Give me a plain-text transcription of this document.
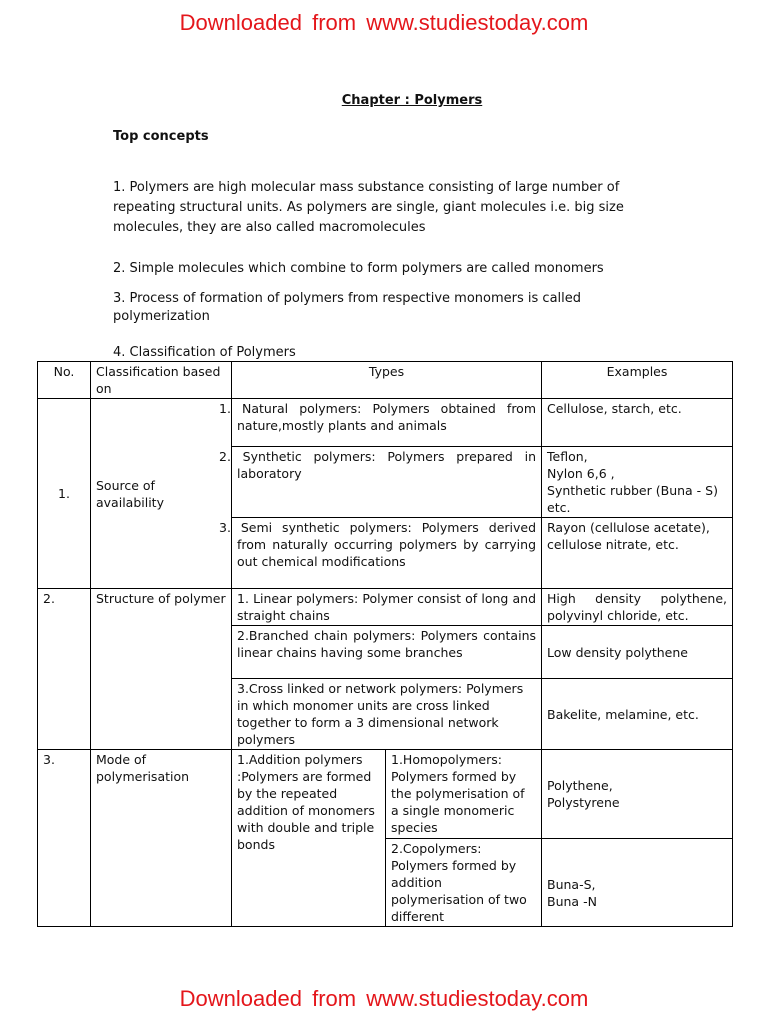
Downloaded from www.studiestoday.com
Chapter : Polymers
Top concepts
1. Polymers are high molecular mass substance consisting of large number of repeating structural units. As polymers are single, giant molecules i.e. big size molecules, they are also called macromolecules
2. Simple molecules which combine to form polymers are called monomers
3. Process of formation of polymers from respective monomers is called polymerization
4. Classification of Polymers
No.	Classification based on	Types		Examples
1.	Source of availability	1. Natural polymers: Polymers obtained from nature,mostly plants and animals		Cellulose, starch, etc.
		2. Synthetic polymers: Polymers prepared in laboratory		Teflon,
Nylon 6,6 ,
Synthetic rubber (Buna - S) etc.
		3. Semi synthetic polymers: Polymers derived from naturally occurring polymers by carrying out chemical modifications		Rayon (cellulose acetate),
cellulose nitrate, etc.
2.	Structure of polymer	1. Linear polymers: Polymer consist of long and straight chains		High density polythene, polyvinyl chloride, etc.
		2.Branched chain polymers: Polymers contains linear chains having some branches		Low density polythene
		3.Cross linked or network polymers: Polymers in which monomer units are cross linked together to form a 3 dimensional network polymers		Bakelite, melamine, etc.
3.	Mode of polymerisation	1.Addition polymers :Polymers are formed by the repeated addition of monomers with double and triple bonds	1.Homopolymers: Polymers formed by the polymerisation of a single monomeric species	Polythene,
Polystyrene
			2.Copolymers: Polymers formed by addition polymerisation of two different	Buna-S,
Buna -N
Downloaded from www.studiestoday.com
